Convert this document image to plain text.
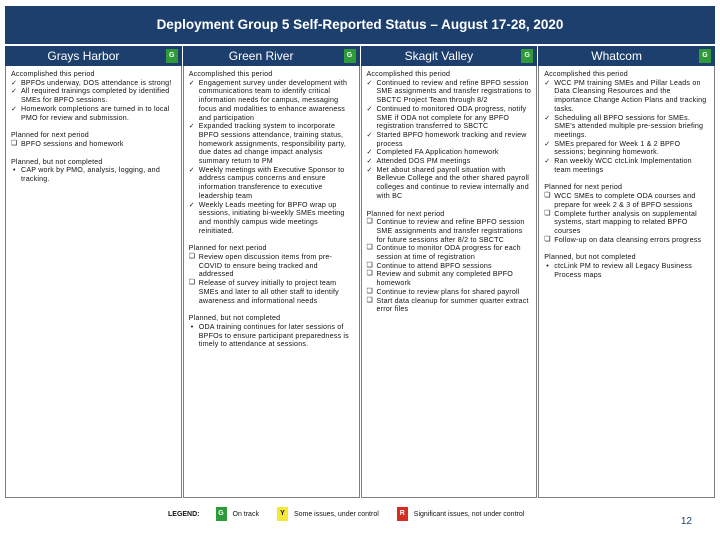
Deployment Group 5 Self-Reported Status – August 17-28, 2020
Grays Harbor	G

Accomplished this period

✓ BPFOs underway, DOS attendance is strong!
✓ All required trainings completed by identified SMEs for BPFO sessions.
✓ Homework completions are turned in to local PMO for review and submission.

Planned for next period

❏ BPFO sessions and homework

Planned, but not completed

• CAP work by PMO, analysis, logging, and tracking.
Green River	G

Accomplished this period

✓ Engagement survey under development with communications team to identify critical information needs for campus, messaging focus and modalities to enhance awareness and participation
✓ Expanded tracking system to incorporate BPFO sessions attendance, training status, homework assignments, responsibility party, due dates ad change impact analysis summary return to PM
✓ Weekly meetings with Executive Sponsor to address campus concerns and ensure information transference to executive leadership team
✓ Weekly Leads meeting for BPFO wrap up sessions, initiating bi-weekly SMEs meeting and monthly campus wide meetings reinitiated.

Planned for next period

❏ Review open discussion items from pre-COVID to ensure being tracked and addressed
❏ Release of survey initially to project team SMEs and later to all other staff to identify awareness and informational needs

Planned, but not completed

• ODA training continues for later sessions of BPFOs to ensure participant preparedness is timely to attendance at sessions.
Skagit Valley	G

Accomplished this period

✓ Continued to review and refine BPFO session SME assignments and transfer registrations to SBCTC Project Team through 8/2
✓ Continued to monitored ODA progress, notify SME if ODA not complete for any BPFO registration transferred to SBCTC
✓ Started BPFO homework tracking and review process
✓ Completed FA Application homework
✓ Attended DOS PM meetings
✓ Met about shared payroll situation with Bellevue College and the other shared payroll colleges and continue to review internally and with BC

Planned for next period

❏ Continue to review and refine BPFO session SME assignments and transfer registrations for future sessions after 8/2 to SBCTC
❏ Continue to monitor ODA progress for each session at time of registration
❏ Continue to attend BPFO sessions
❏ Review and submit any completed BPFO homework
❏ Continue to review plans for shared payroll
❏ Start data cleanup for summer quarter extract error files
Whatcom	G

Accomplished this period

✓ WCC PM training SMEs and Pillar Leads on Data Cleansing Resources and the importance Change Action Plans and tracking tasks.
✓ Scheduling all BPFO sessions for SMEs. SME's attended multiple pre-session briefing meetings.
✓ SMEs prepared for Week 1 & 2 BPFO sessions; beginning homework.
✓ Ran weekly WCC ctcLink Implementation team meetings

Planned for next period

❏ WCC SMEs to complete ODA courses and prepare for week 2 & 3 of BPFO sessions
❏ Complete further analysis on supplemental systems, start mapping to related BPFO courses
❏ Follow-up on data cleansing errors progress

Planned, but not completed

• ctcLink PM to review all Legacy Business Process maps
LEGEND:	G	On track	Y	Some issues, under control	R	Significant issues, not under control
12
